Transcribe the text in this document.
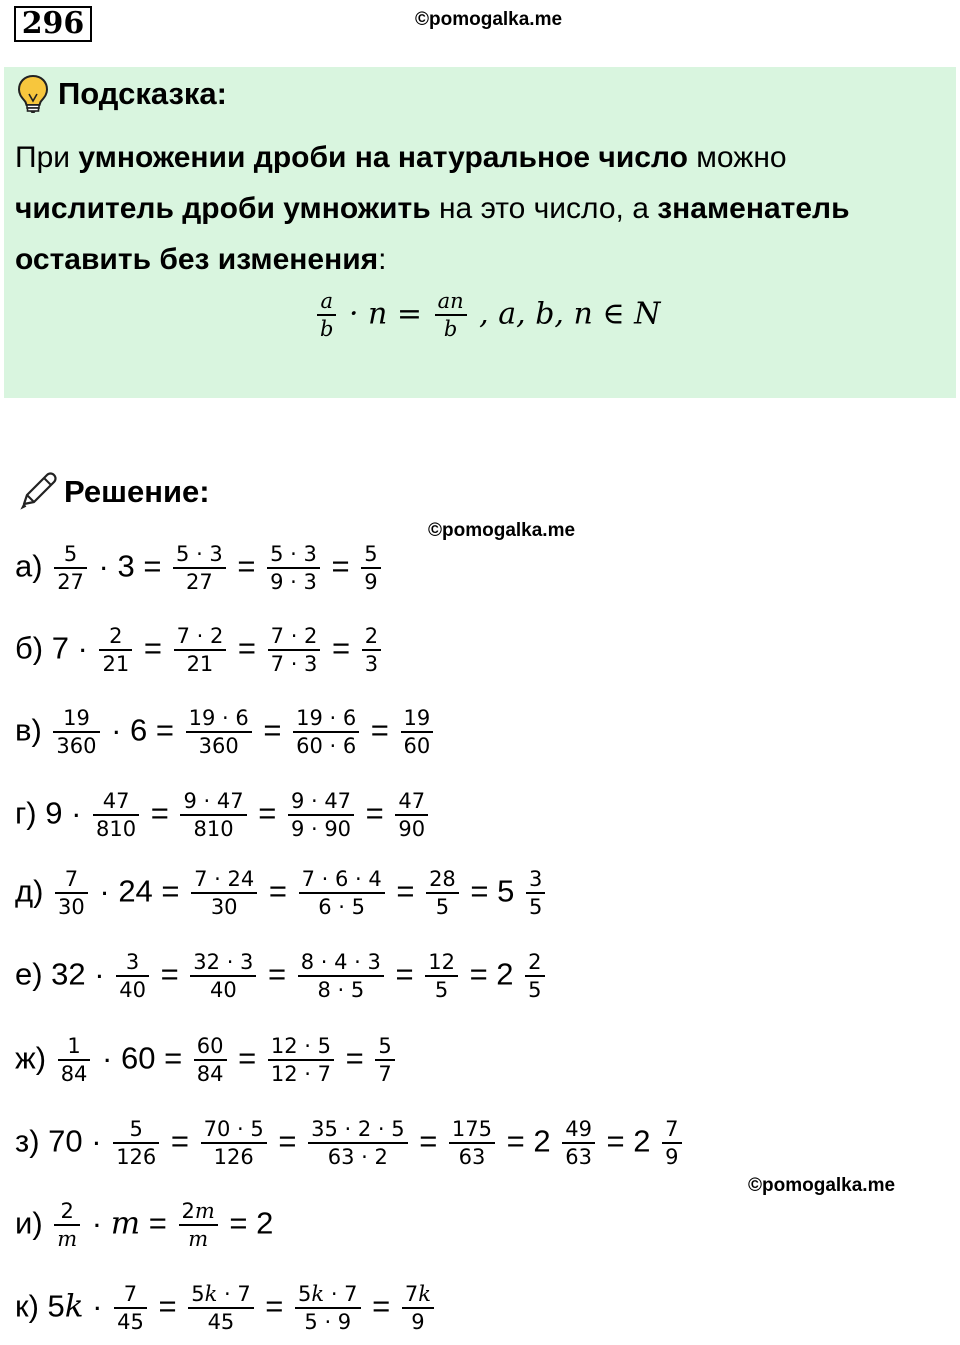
296	©pomogalka.me
Подсказка:
При умножении дроби на натуральное число можно
числитель дроби умножить на это число, а знаменатель
оставить без изменения:
$\frac{a}{b} \cdot n = \frac{an}{b}$ , a, b, n ∈ N
Решение:
©pomogalka.me
©pomogalka.me
$а) \frac{5}{27} \cdot 3 = \frac{5 \cdot 3}{27} = \frac{5 \cdot 3}{9 \cdot 3} = \frac{5}{9}$
б) $7 \cdot \frac{2}{21} = \frac{7 \cdot 2}{21} = \frac{7 \cdot 2}{7 \cdot 3} = \frac{2}{3}$
$в) \frac{19}{360} \cdot 6 = \frac{19 \cdot 6}{360} = \frac{19 \cdot 6}{60 \cdot 6} = \frac{19}{60}$
г) $9 \cdot \frac{47}{810} = \frac{9 \cdot 47}{810} = \frac{9 \cdot 47}{9 \cdot 90} = \frac{47}{90}$
$д) \frac{7}{30} \cdot 24 = \frac{7 \cdot 24}{30} = \frac{7 \cdot 6 \cdot 4}{6 \cdot 5} = \frac{28}{5} = 5 \frac{3}{5}$
е) $32 \cdot \frac{3}{40} = \frac{32 \cdot 3}{40} = \frac{8 \cdot 4 \cdot 3}{8 \cdot 5} = \frac{12}{5} = 2 \frac{2}{5}$
$ж) \frac{1}{84} \cdot 60 = \frac{60}{84} = \frac{12 \cdot 5}{12 \cdot 7} = \frac{5}{7}$
з) $70 \cdot \frac{5}{126} = \frac{70 \cdot 5}{126} = \frac{35 \cdot 2 \cdot 5}{63 \cdot 2} = \frac{175}{63} = 2 \frac{49}{63} = 2 \frac{7}{9}$
$и) \frac{2}{m} \cdot m = \frac{2m}{m} = 2$
к) $5k \cdot \frac{7}{45} = \frac{5k \cdot 7}{45} = \frac{5k \cdot 7}{5 \cdot 9} = \frac{7k}{9}$
